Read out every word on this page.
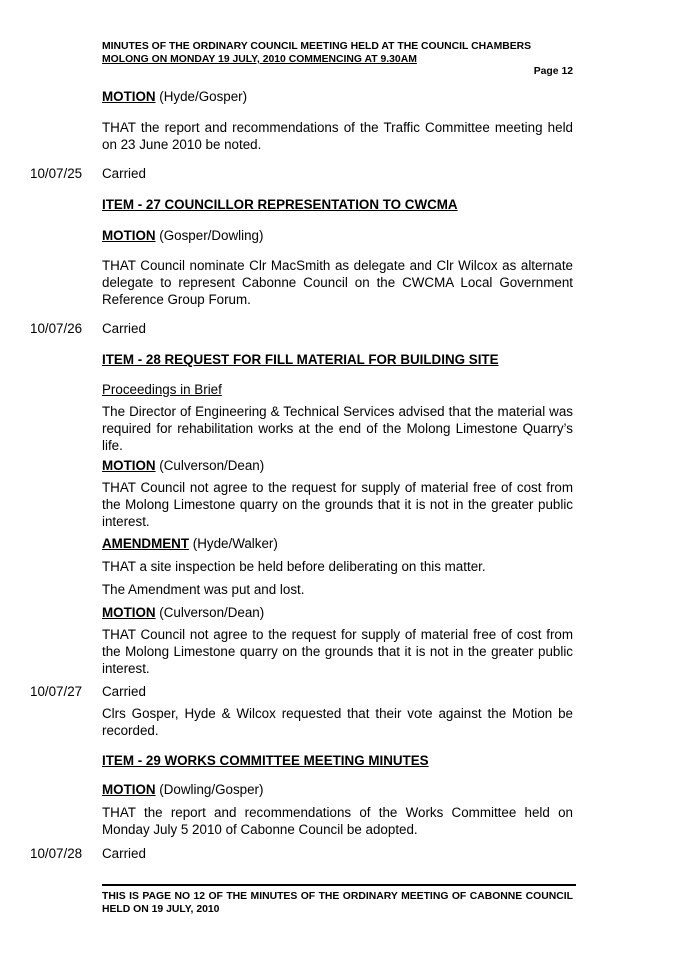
MINUTES OF THE ORDINARY COUNCIL MEETING HELD AT THE COUNCIL CHAMBERS
MOLONG ON MONDAY 19 JULY, 2010 COMMENCING AT 9.30AM
Page 12
MOTION (Hyde/Gosper)
THAT the report and recommendations of the Traffic Committee meeting held on 23 June 2010 be noted.
10/07/25 Carried
ITEM - 27 COUNCILLOR REPRESENTATION TO CWCMA
MOTION (Gosper/Dowling)
THAT Council nominate Clr MacSmith as delegate and Clr Wilcox as alternate delegate to represent Cabonne Council on the CWCMA Local Government Reference Group Forum.
10/07/26 Carried
ITEM - 28 REQUEST FOR FILL MATERIAL FOR BUILDING SITE
Proceedings in Brief
The Director of Engineering & Technical Services advised that the material was required for rehabilitation works at the end of the Molong Limestone Quarry’s life.
MOTION (Culverson/Dean)
THAT Council not agree to the request for supply of material free of cost from the Molong Limestone quarry on the grounds that it is not in the greater public interest.
AMENDMENT (Hyde/Walker)
THAT a site inspection be held before deliberating on this matter.
The Amendment was put and lost.
MOTION (Culverson/Dean)
THAT Council not agree to the request for supply of material free of cost from the Molong Limestone quarry on the grounds that it is not in the greater public interest.
10/07/27 Carried
Clrs Gosper, Hyde & Wilcox requested that their vote against the Motion be recorded.
ITEM - 29 WORKS COMMITTEE MEETING MINUTES
MOTION (Dowling/Gosper)
THAT the report and recommendations of the Works Committee held on Monday July 5 2010 of Cabonne Council be adopted.
10/07/28 Carried
THIS IS PAGE NO 12 OF THE MINUTES OF THE ORDINARY MEETING OF CABONNE COUNCIL HELD ON 19 JULY, 2010
